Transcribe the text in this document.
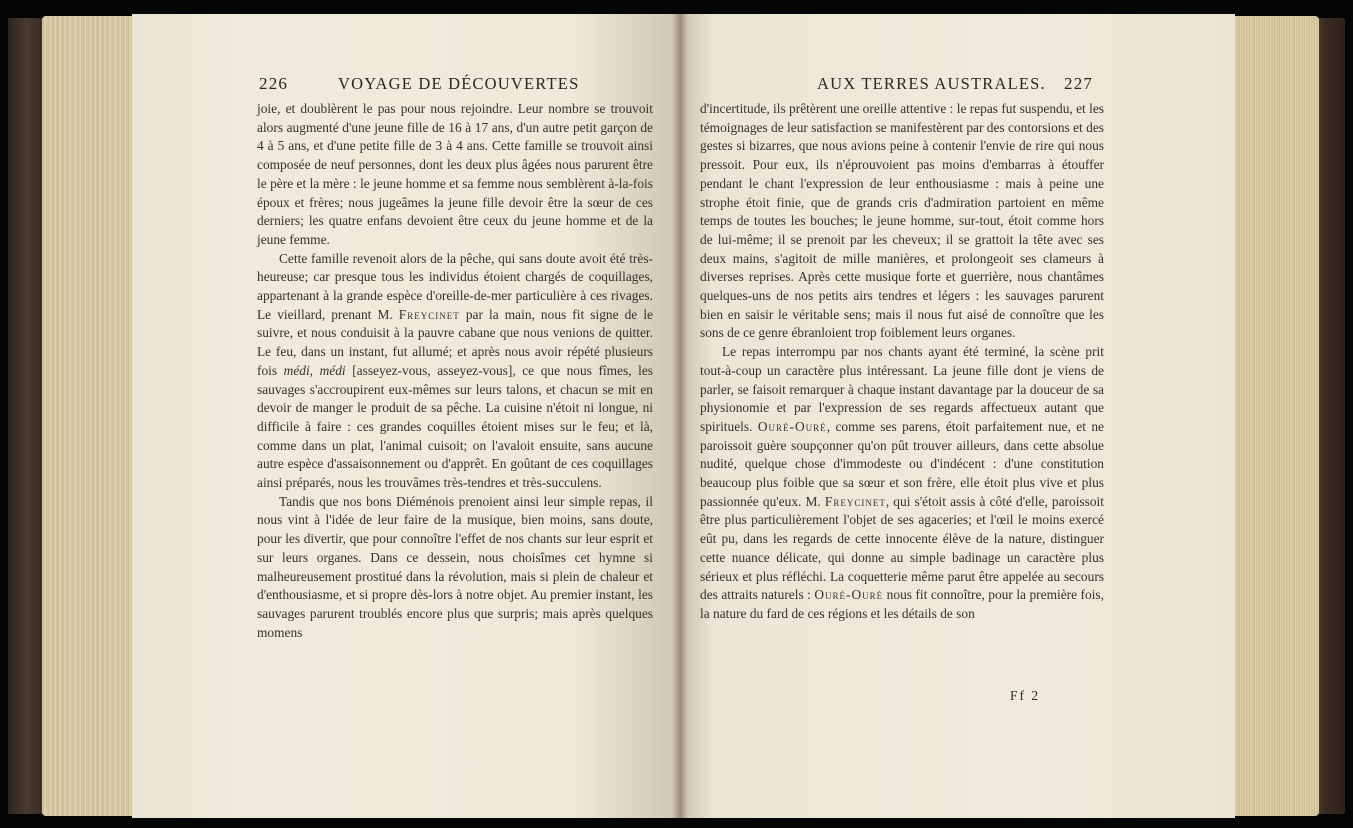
226	VOYAGE DE DÉCOUVERTES

joie, et doublèrent le pas pour nous rejoindre. Leur nombre se trouvoit alors augmenté d'une jeune fille de 16 à 17 ans, d'un autre petit garçon de 4 à 5 ans, et d'une petite fille de 3 à 4 ans. Cette famille se trouvoit ainsi composée de neuf personnes, dont les deux plus âgées nous parurent être le père et la mère : le jeune homme et sa femme nous semblèrent à-la-fois époux et frères; nous jugeâmes la jeune fille devoir être la sœur de ces derniers; les quatre enfans devoient être ceux du jeune homme et de la jeune femme.

Cette famille revenoit alors de la pêche, qui sans doute avoit été très-heureuse; car presque tous les individus étoient chargés de coquillages, appartenant à la grande espèce d'oreille-de-mer particulière à ces rivages. Le vieillard, prenant M. Freycinet par la main, nous fit signe de le suivre, et nous conduisit à la pauvre cabane que nous venions de quitter. Le feu, dans un instant, fut allumé; et après nous avoir répété plusieurs fois médi, médi [asseyez-vous, asseyez-vous], ce que nous fîmes, les sauvages s'accroupirent eux-mêmes sur leurs talons, et chacun se mit en devoir de manger le produit de sa pêche. La cuisine n'étoit ni longue, ni difficile à faire : ces grandes coquilles étoient mises sur le feu; et là, comme dans un plat, l'animal cuisoit; on l'avaloit ensuite, sans aucune autre espèce d'assaisonnement ou d'apprêt. En goûtant de ces coquillages ainsi préparés, nous les trouvâmes très-tendres et très-succulens.

Tandis que nos bons Diéménois prenoient ainsi leur simple repas, il nous vint à l'idée de leur faire de la musique, bien moins, sans doute, pour les divertir, que pour connoître l'effet de nos chants sur leur esprit et sur leurs organes. Dans ce dessein, nous choisîmes cet hymne si malheureusement prostitué dans la révolution, mais si plein de chaleur et d'enthousiasme, et si propre dès-lors à notre objet. Au premier instant, les sauvages parurent troublés encore plus que surpris; mais après quelques momens

AUX TERRES AUSTRALES. 227

d'incertitude, ils prêtèrent une oreille attentive : le repas fut suspendu, et les témoignages de leur satisfaction se manifestèrent par des contorsions et des gestes si bizarres, que nous avions peine à contenir l'envie de rire qui nous pressoit. Pour eux, ils n'éprouvoient pas moins d'embarras à étouffer pendant le chant l'expression de leur enthousiasme : mais à peine une strophe étoit finie, que de grands cris d'admiration partoient en même temps de toutes les bouches; le jeune homme, sur-tout, étoit comme hors de lui-même; il se prenoit par les cheveux; il se grattoit la tête avec ses deux mains, s'agitoit de mille manières, et prolongeoit ses clameurs à diverses reprises. Après cette musique forte et guerrière, nous chantâmes quelques-uns de nos petits airs tendres et légers : les sauvages parurent bien en saisir le véritable sens; mais il nous fut aisé de connoître que les sons de ce genre ébranloient trop foiblement leurs organes.

Le repas interrompu par nos chants ayant été terminé, la scène prit tout-à-coup un caractère plus intéressant. La jeune fille dont je viens de parler, se faisoit remarquer à chaque instant davantage par la douceur de sa physionomie et par l'expression de ses regards affectueux autant que spirituels. Ouré-Ouré, comme ses parens, étoit parfaitement nue, et ne paroissoit guère soupçonner qu'on pût trouver ailleurs, dans cette absolue nudité, quelque chose d'immodeste ou d'indécent : d'une constitution beaucoup plus foible que sa sœur et son frère, elle étoit plus vive et plus passionnée qu'eux. M. Freycinet, qui s'étoit assis à côté d'elle, paroissoit être plus particulièrement l'objet de ses agaceries; et l'œil le moins exercé eût pu, dans les regards de cette innocente élève de la nature, distinguer cette nuance délicate, qui donne au simple badinage un caractère plus sérieux et plus réfléchi. La coquetterie même parut être appelée au secours des attraits naturels : Ouré-Ouré nous fit connoître, pour la première fois, la nature du fard de ces régions et les détails de son

Ff 2
